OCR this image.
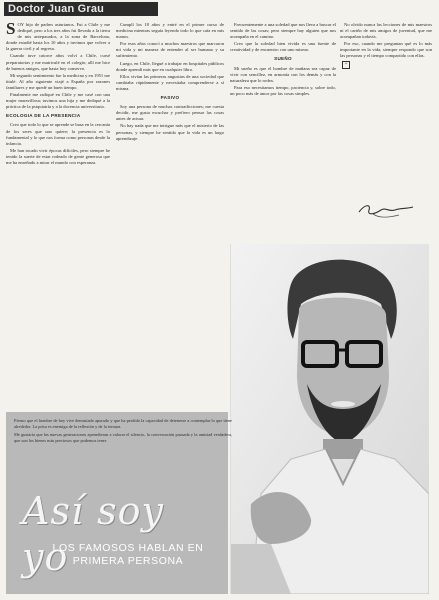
Doctor Juan Grau

SOY hijo de padres asturianos. Fui a Chile y me dediqué, pero a los tres años fui llevado a la tierra de mis antepasados, a la zona de Barcelona, donde estudié hasta los 10 años y tuvimos que volver a la guerra civil y al regreso.

Cuando tuve catorce años volví a Chile, cursé preparatorias y me matriculé en el colegio; allí me hice de buenos amigos, que hasta hoy conservo.

Mi segundo sentimiento fue la medicina y en 1951 me titulé. Al año siguiente viajé a España por razones familiares y me quedé un buen tiempo.

Finalmente me radiqué en Chile y me casé con una mujer maravillosa; tuvimos una hija y me dediqué a la práctica de la psiquiatría y a la docencia universitaria.

ECOLOGIA DE LA PRESENCIA

Creo que todo lo que se aprende se basa en la cercanía de los seres que uno quiere; la presencia es lo fundamental y lo que nos forma como personas desde la infancia.

Me han tocado vivir épocas difíciles, pero siempre he tenido la suerte de estar rodeado de gente generosa que me ha enseñado a mirar el mundo con esperanza.

Cumplí los 18 años y entré en el primer curso de medicina mientras seguía leyendo todo lo que caía en mis manos.

Por esos años conocí a muchos maestros que marcaron mi vida y mi manera de entender al ser humano y su sufrimiento.

Luego, en Chile, llegué a trabajar en hospitales públicos donde aprendí más que en cualquier libro.

Ellos vivían las primeras angustias de una sociedad que cambiaba rápidamente y necesitaba comprenderse a sí misma.

PASIVO

Soy una persona de muchas contradicciones; me cuesta decidir, me gusta escuchar y prefiero pensar las cosas antes de actuar.

No hay nada que me intrigue más que el misterio de las personas, y siempre he sentido que la vida es un largo aprendizaje.

Frecuentemente a una soledad que nos lleva a buscar el sentido de las cosas; pero siempre hay alguien que nos acompaña en el camino.

Creo que la soledad bien vivida es una fuente de creatividad y de encuentro con uno mismo.

SUEÑO

Mi sueño es que el hombre de mañana sea capaz de vivir con sencillez, en armonía con los demás y con la naturaleza que lo rodea.

Para eso necesitamos tiempo, paciencia y, sobre todo, un poco más de amor por las cosas simples.

No olvido nunca las lecciones de mis maestros ni el cariño de mis amigos de juventud, que me acompañan todavía.

Por eso, cuando me preguntan qué es lo más importante en la vida, siempre respondo que son las personas y el tiempo compartido con ellas.

+

Pienso que el hombre de hoy vive demasiado apurado y que ha perdido la capacidad de detenerse a contemplar lo que tiene alrededor. La prisa es enemiga de la reflexión y de la ternura.

Me gustaría que las nuevas generaciones aprendieran a valorar el silencio, la conversación pausada y la amistad verdadera, que son los bienes más preciosos que podemos tener.

Así soy yo
LOS FAMOSOS HABLAN EN
PRIMERA PERSONA
